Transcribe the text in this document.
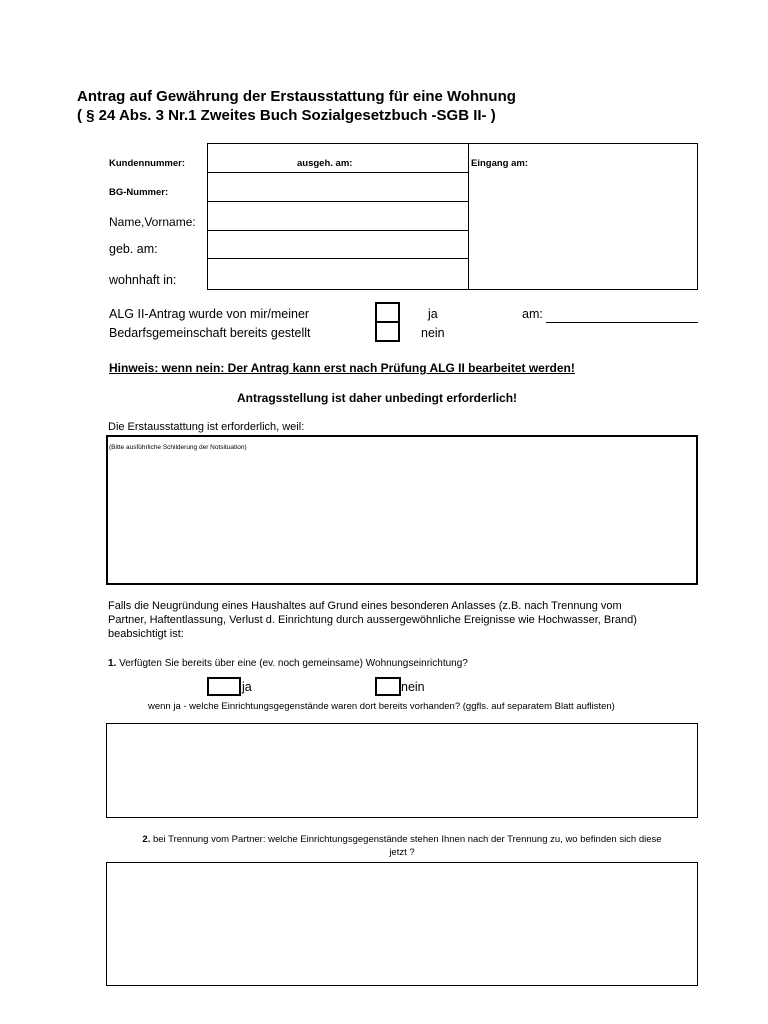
Antrag auf Gewährung der Erstausstattung für eine Wohnung
( § 24 Abs. 3 Nr.1 Zweites Buch Sozialgesetzbuch -SGB II- )
Kundennummer:	ausgeh. am:	Eingang am:
BG-Nummer:
Name,Vorname:
geb. am:
wohnhaft in:
ALG II-Antrag wurde von mir/meiner
Bedarfsgemeinschaft bereits gestellt
ja
nein
am:
Hinweis: wenn nein: Der Antrag kann erst nach Prüfung ALG II bearbeitet werden!
Antragsstellung ist daher unbedingt erforderlich!
Die Erstausstattung ist erforderlich, weil:
(Bitte ausführliche Schilderung der Notsituation)
Falls die Neugründung eines Haushaltes auf Grund eines besonderen Anlasses (z.B. nach Trennung vom
Partner, Haftentlassung, Verlust d. Einrichtung durch aussergewöhnliche Ereignisse wie Hochwasser, Brand)
beabsichtigt ist:
1. Verfügten Sie bereits über eine (ev. noch gemeinsame) Wohnungseinrichtung?
ja	nein
wenn ja - welche Einrichtungsgegenstände waren dort bereits vorhanden? (ggfls. auf separatem Blatt auflisten)
2. bei Trennung vom Partner: welche Einrichtungsgegenstände stehen Ihnen nach der Trennung zu, wo befinden sich diese
jetzt ?
